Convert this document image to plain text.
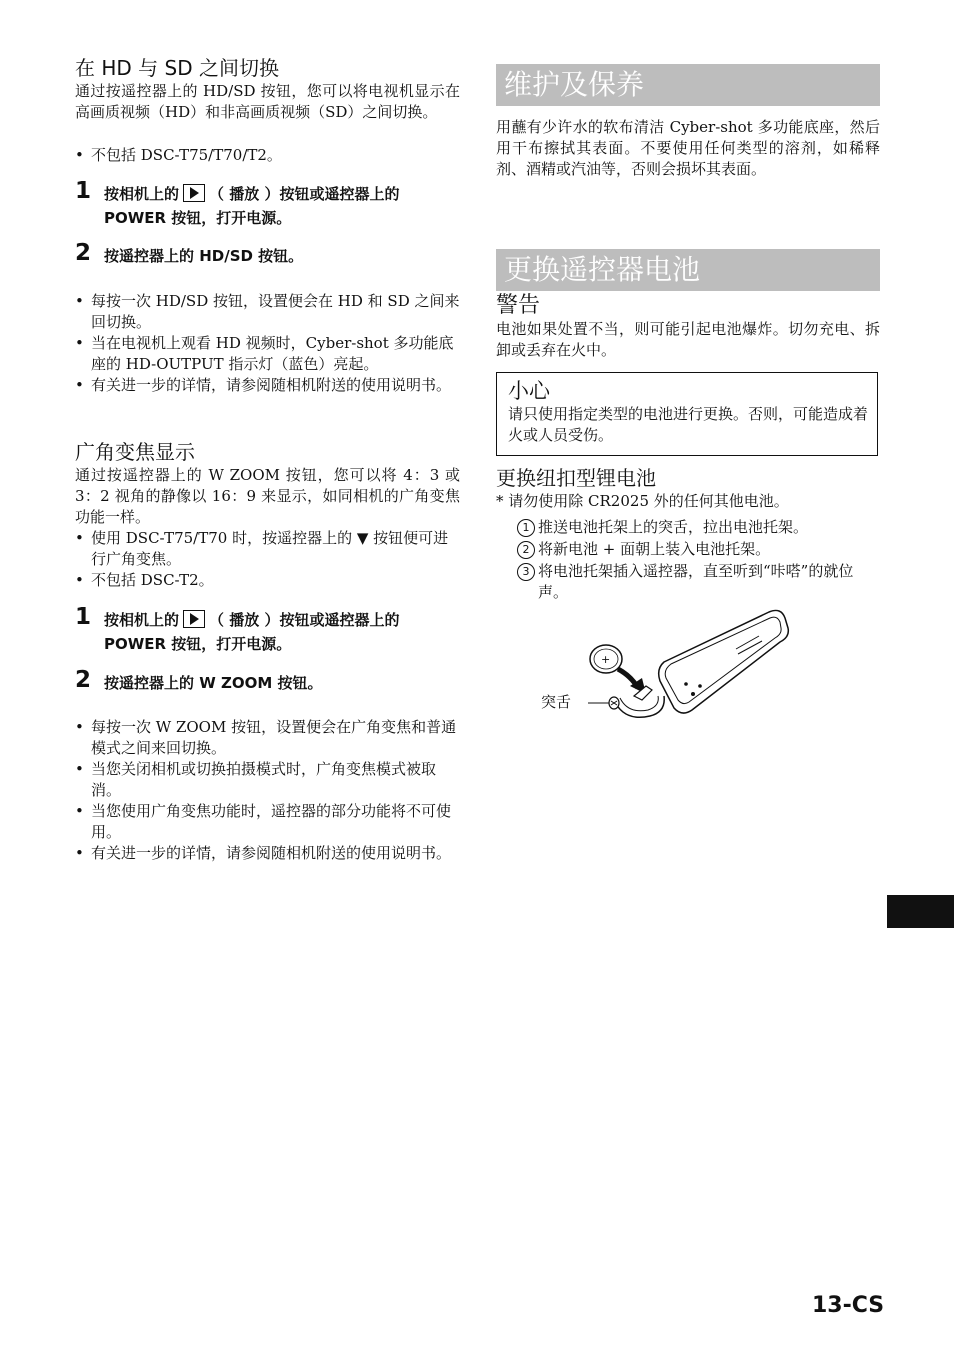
在 HD 与 SD 之间切换

通过按遥控器上的 HD/SD 按钮，您可以将电视机显示在高画质视频（HD）和非高画质视频（SD）之间切换。

• 不包括 DSC-T75/T70/T2。

1 按相机上的 （ 播放 ）按钮或遥控器上的 POWER 按钮，打开电源。
2 按遥控器上的 HD/SD 按钮。

• 每按一次 HD/SD 按钮，设置便会在 HD 和 SD 之间来回切换。

• 当在电视机上观看 HD 视频时，Cyber-shot 多功能底座的 HD-OUTPUT 指示灯（蓝色）亮起。

• 有关进一步的详情，请参阅随相机附送的使用说明书。

广角变焦显示

通过按遥控器上的 W ZOOM 按钮，您可以将 4：3 或 3：2 视角的静像以 16：9 来显示，如同相机的广角变焦功能一样。

• 使用 DSC-T75/T70 时，按遥控器上的 ▼ 按钮便可进行广角变焦。

• 不包括 DSC-T2。

1 按相机上的 （ 播放 ）按钮或遥控器上的 POWER 按钮，打开电源。
2 按遥控器上的 W ZOOM 按钮。

• 每按一次 W ZOOM 按钮，设置便会在广角变焦和普通模式之间来回切换。

• 当您关闭相机或切换拍摄模式时，广角变焦模式被取消。

• 当您使用广角变焦功能时，遥控器的部分功能将不可使用。

• 有关进一步的详情，请参阅随相机附送的使用说明书。

维护及保养

用蘸有少许水的软布清洁 Cyber-shot 多功能底座，然后用干布擦拭其表面。不要使用任何类型的溶剂，如稀释剂、酒精或汽油等，否则会损坏其表面。

更换遥控器电池
警告

电池如果处置不当，则可能引起电池爆炸。切勿充电、拆卸或丢弃在火中。

小心

请只使用指定类型的电池进行更换。否则，可能造成着火或人员受伤。

更换纽扣型锂电池

* 请勿使用除 CR2025 外的任何其他电池。

1 推送电池托架上的突舌，拉出电池托架。
2 将新电池 + 面朝上装入电池托架。
3 将电池托架插入遥控器，直至听到“咔嗒”的就位声。
突舌
+
13-CS
